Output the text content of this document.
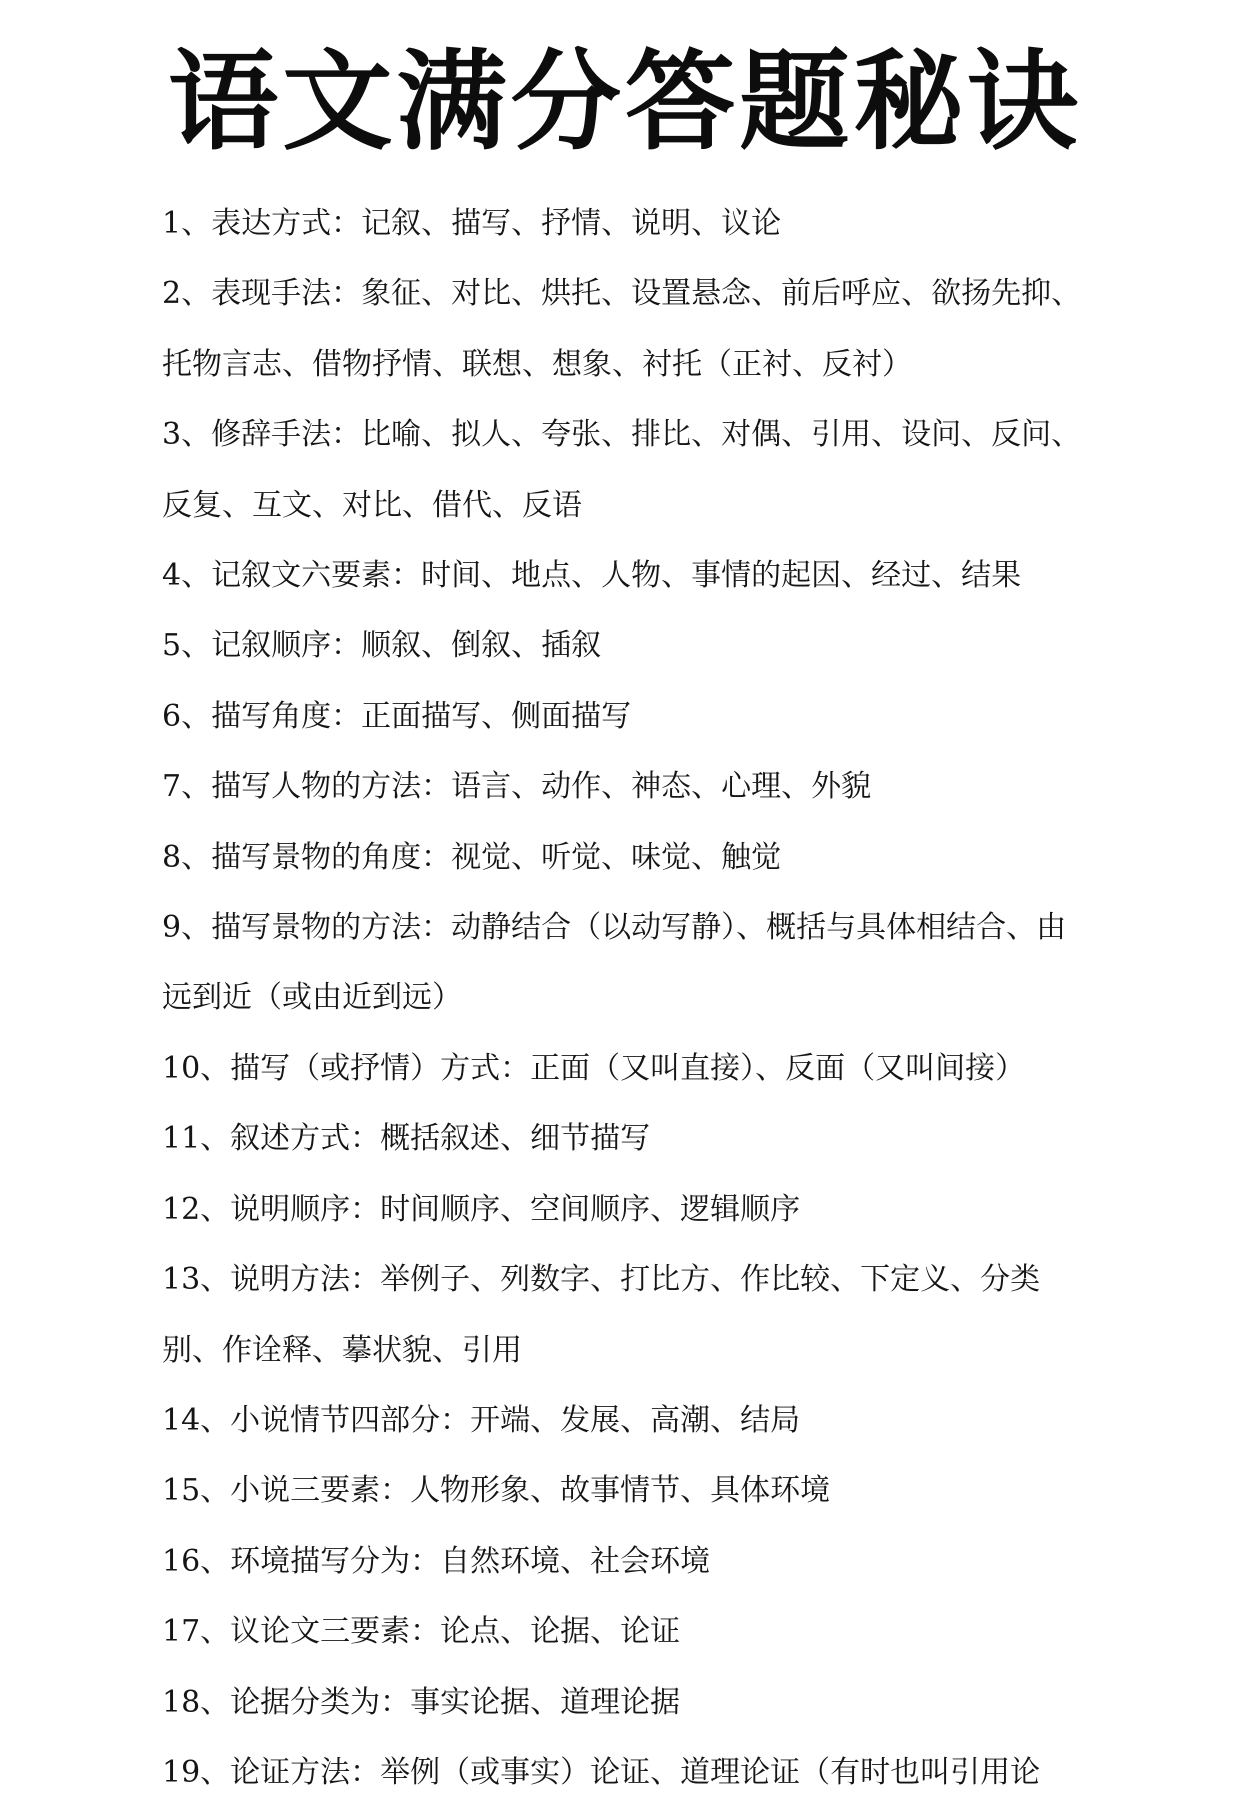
语文满分答题秘诀

1、表达方式：记叙、描写、抒情、说明、议论

2、表现手法：象征、对比、烘托、设置悬念、前后呼应、欲扬先抑、托物言志、借物抒情、联想、想象、衬托（正衬、反衬）

3、修辞手法：比喻、拟人、夸张、排比、对偶、引用、设问、反问、反复、互文、对比、借代、反语

4、记叙文六要素：时间、地点、人物、事情的起因、经过、结果

5、记叙顺序：顺叙、倒叙、插叙

6、描写角度：正面描写、侧面描写

7、描写人物的方法：语言、动作、神态、心理、外貌

8、描写景物的角度：视觉、听觉、味觉、触觉

9、描写景物的方法：动静结合（以动写静）、概括与具体相结合、由远到近（或由近到远）

10、描写（或抒情）方式：正面（又叫直接）、反面（又叫间接）

11、叙述方式：概括叙述、细节描写

12、说明顺序：时间顺序、空间顺序、逻辑顺序

13、说明方法：举例子、列数字、打比方、作比较、下定义、分类别、作诠释、摹状貌、引用

14、小说情节四部分：开端、发展、高潮、结局

15、小说三要素：人物形象、故事情节、具体环境

16、环境描写分为：自然环境、社会环境

17、议论文三要素：论点、论据、论证

18、论据分类为：事实论据、道理论据

19、论证方法：举例（或事实）论证、道理论证（有时也叫引用论
